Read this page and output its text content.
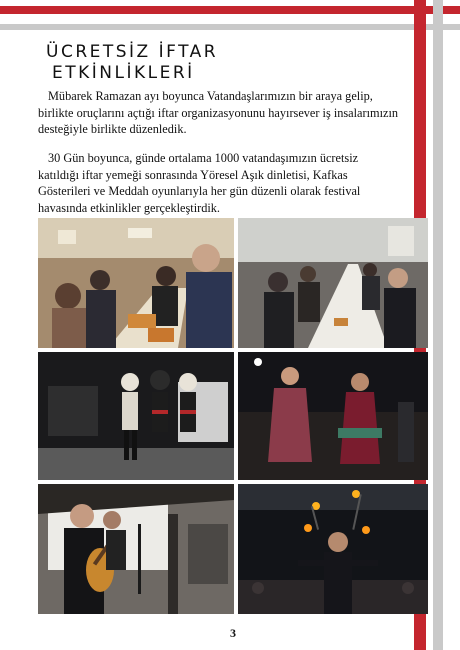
ÜCRETSİZ İFTAR
ETKİNLİKLERİ

Mübarek Ramazan ayı boyunca Vatandaşlarımızın bir araya gelip, birlikte oruçlarını açtığı iftar organizasyonunu hayırsever iş insalarımızın desteğiyle birlikte düzenledik.

30 Gün boyunca, günde ortalama 1000 vatandaşımızın ücretsiz katıldığı iftar yemeği sonrasında Yöresel Aşık dinletisi, Kafkas Gösterileri ve Meddah oyunlarıyla her gün düzenli olarak festival havasında etkinlikler gerçekleştirdik.

3
